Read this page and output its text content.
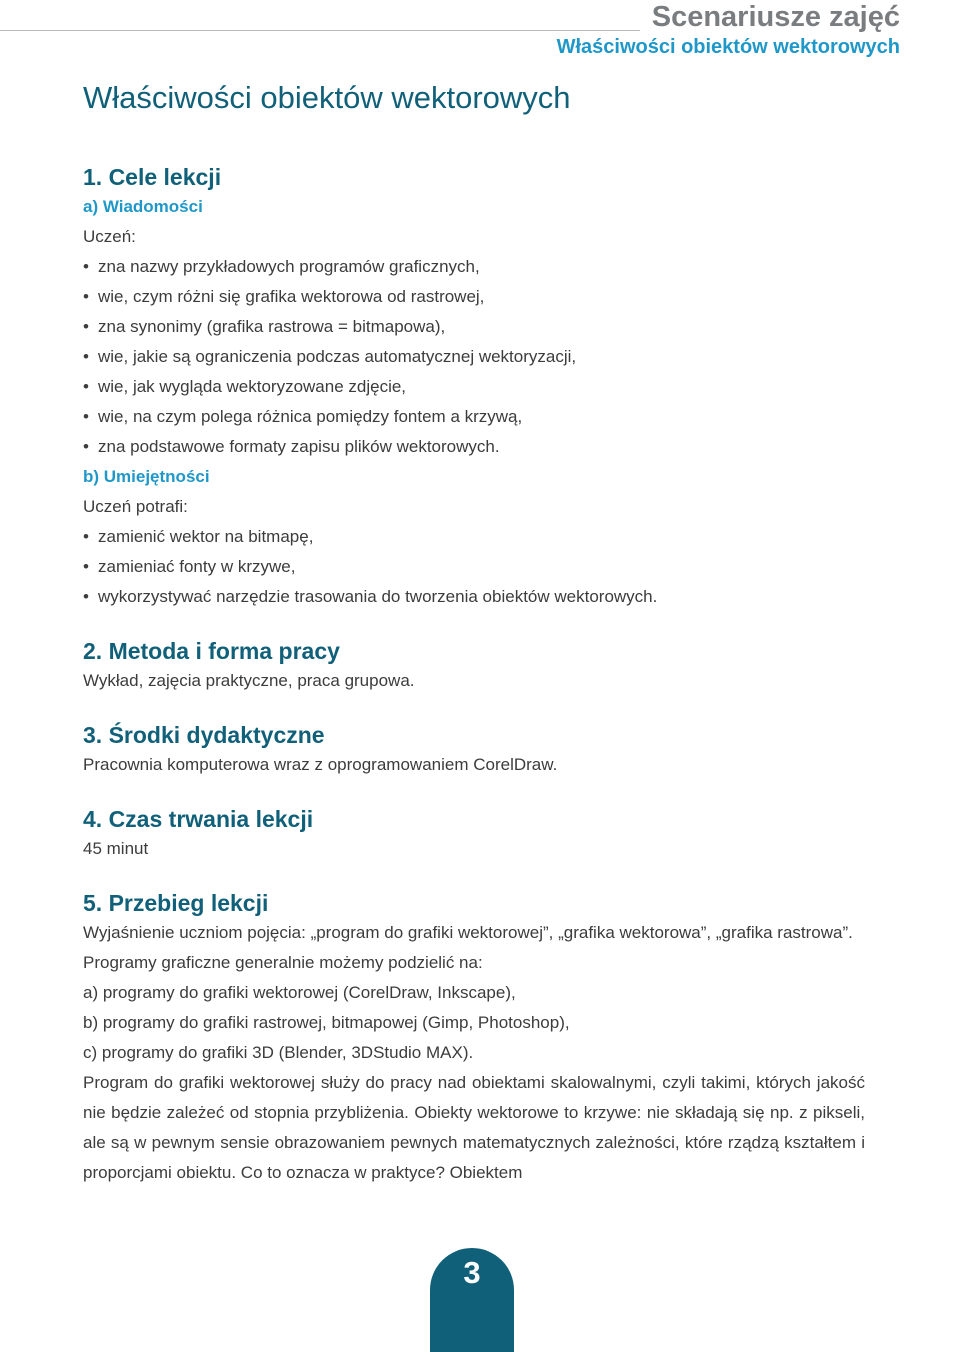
Scenariusze zajęć
Właściwości obiektów wektorowych
Właściwości obiektów wektorowych
1. Cele lekcji
a) Wiadomości
Uczeń:
• zna nazwy przykładowych programów graficznych,
• wie, czym różni się grafika wektorowa od rastrowej,
• zna synonimy (grafika rastrowa = bitmapowa),
• wie, jakie są ograniczenia podczas automatycznej wektoryzacji,
• wie, jak wygląda wektoryzowane zdjęcie,
• wie, na czym polega różnica pomiędzy fontem a krzywą,
• zna podstawowe formaty zapisu plików wektorowych.
b) Umiejętności
Uczeń potrafi:
• zamienić wektor na bitmapę,
• zamieniać fonty w krzywe,
• wykorzystywać narzędzie trasowania do tworzenia obiektów wektorowych.
2. Metoda i forma pracy
Wykład, zajęcia praktyczne, praca grupowa.
3. Środki dydaktyczne
Pracownia komputerowa wraz z oprogramowaniem CorelDraw.
4. Czas trwania lekcji
45 minut
5. Przebieg lekcji
Wyjaśnienie uczniom pojęcia: „program do grafiki wektorowej”, „grafika wektorowa”, „grafika rastrowa”.
Programy graficzne generalnie możemy podzielić na:
a) programy do grafiki wektorowej (CorelDraw, Inkscape),
b) programy do grafiki rastrowej, bitmapowej (Gimp, Photoshop),
c) programy do grafiki 3D (Blender, 3DStudio MAX).
Program do grafiki wektorowej służy do pracy nad obiektami skalowalnymi, czyli takimi, których jakość nie będzie zależeć od stopnia przybliżenia. Obiekty wektorowe to krzywe: nie składają się np. z pikseli, ale są w pewnym sensie obrazowaniem pewnych matematycznych zależności, które rządzą kształtem i proporcjami obiektu. Co to oznacza w praktyce? Obiektem
3
